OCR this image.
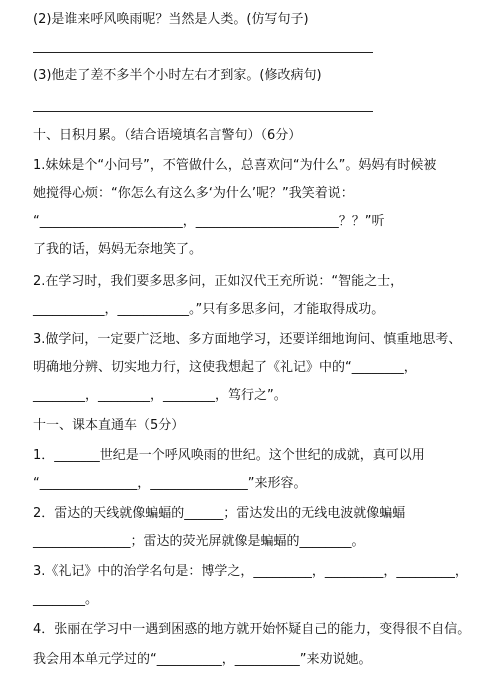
(2)是谁来呼风唤雨呢？当然是人类。(仿写句子)
(3)他走了差不多半个小时左右才到家。(修改病句)
十、日积月累。（结合语境填名言警句）（6分）
1.妹妹是个“小问号”，不管做什么，总喜欢问“为什么”。妈妈有时候被
她搅得心烦：“你怎么有这么多‘为什么’呢？”我笑着说：
“______________________，______________________？？”听
了我的话，妈妈无奈地笑了。
2.在学习时，我们要多思多问，正如汉代王充所说：“智能之士，
___________，___________。”只有多思多问，才能取得成功。
3.做学问，一定要广泛地、多方面地学习，还要详细地询问、慎重地思考、
明确地分辨、切实地力行，这使我想起了《礼记》中的“________，
________，________，________，笃行之”。
十一、课本直通车（5分）
1．_______世纪是一个呼风唤雨的世纪。这个世纪的成就，真可以用
“_______________，_______________”来形容。
2．雷达的天线就像蝙蝠的______；雷达发出的无线电波就像蝙蝠
_______________；雷达的荧光屏就像是蝙蝠的________。
3.《礼记》中的治学名句是：博学之，_________，_________，_________，
________。
4．张丽在学习中一遇到困惑的地方就开始怀疑自己的能力，变得很不自信。
我会用本单元学过的“__________，__________”来劝说她。
